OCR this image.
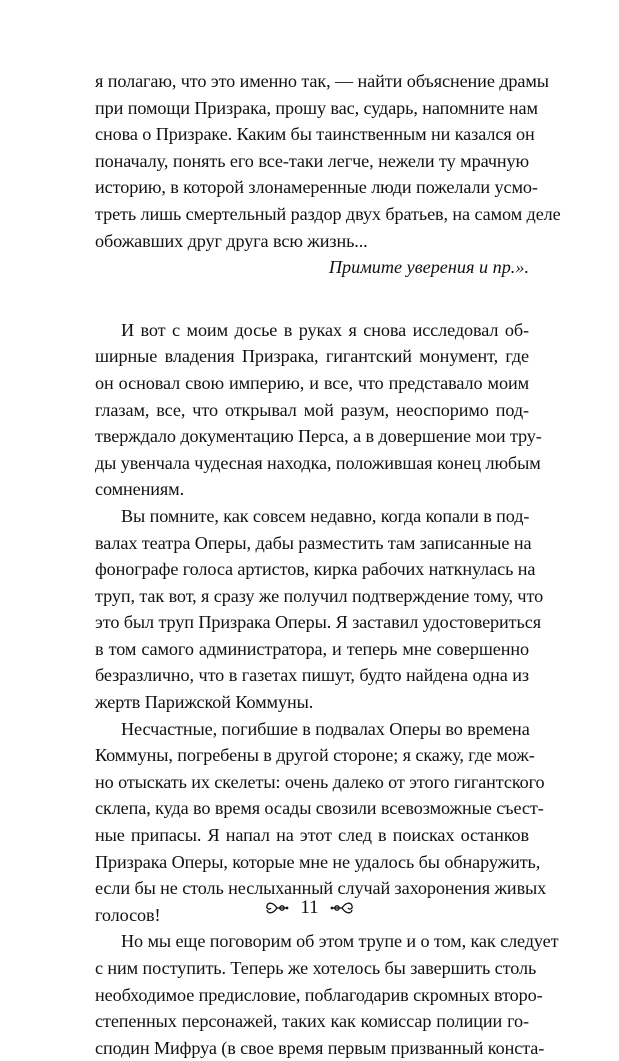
я полагаю, что это именно так, — найти объяснение драмы
при помощи Призрака, прошу вас, сударь, напомните нам
снова о Призраке. Каким бы таинственным ни казался он
поначалу, понять его все-таки легче, нежели ту мрачную
историю, в которой злонамеренные люди пожелали усмо-
треть лишь смертельный раздор двух братьев, на самом деле
обожавших друг друга всю жизнь...
Примите уверения и пр.».
И вот с моим досье в руках я снова исследовал об-
ширные владения Призрака, гигантский монумент, где
он основал свою империю, и все, что представало моим
глазам, все, что открывал мой разум, неоспоримо под-
тверждало документацию Перса, а в довершение мои тру-
ды увенчала чудесная находка, положившая конец любым
сомнениям.
Вы помните, как совсем недавно, когда копали в под-
валах театра Оперы, дабы разместить там записанные на
фонографе голоса артистов, кирка рабочих наткнулась на
труп, так вот, я сразу же получил подтверждение тому, что
это был труп Призрака Оперы. Я заставил удостовериться
в том самого администратора, и теперь мне совершенно
безразлично, что в газетах пишут, будто найдена одна из
жертв Парижской Коммуны.
Несчастные, погибшие в подвалах Оперы во времена
Коммуны, погребены в другой стороне; я скажу, где мож-
но отыскать их скелеты: очень далеко от этого гигантского
склепа, куда во время осады свозили всевозможные съест-
ные припасы. Я напал на этот след в поисках останков
Призрака Оперы, которые мне не удалось бы обнаружить,
если бы не столь неслыханный случай захоронения живых
голосов!
Но мы еще поговорим об этом трупе и о том, как следует
с ним поступить. Теперь же хотелось бы завершить столь
необходимое предисловие, поблагодарив скромных второ-
степенных персонажей, таких как комиссар полиции го-
сподин Мифруа (в свое время первым призванный конста-
11
